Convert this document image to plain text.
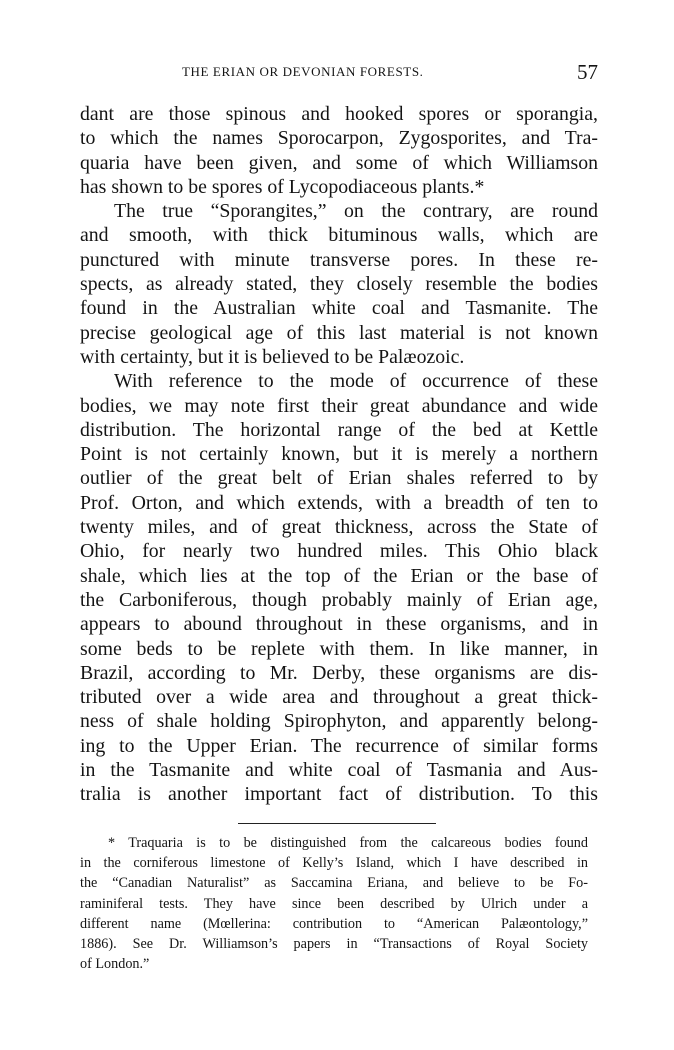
THE ERIAN OR DEVONIAN FORESTS.	57
dant are those spinous and hooked spores or sporangia,
to which the names Sporocarpon, Zygosporites, and Tra-
quaria have been given, and some of which Williamson
has shown to be spores of Lycopodiaceous plants.*
The true “Sporangites,” on the contrary, are round
and smooth, with thick bituminous walls, which are
punctured with minute transverse pores. In these re-
spects, as already stated, they closely resemble the bodies
found in the Australian white coal and Tasmanite. The
precise geological age of this last material is not known
with certainty, but it is believed to be Palæozoic.
With reference to the mode of occurrence of these
bodies, we may note first their great abundance and wide
distribution. The horizontal range of the bed at Kettle
Point is not certainly known, but it is merely a northern
outlier of the great belt of Erian shales referred to by
Prof. Orton, and which extends, with a breadth of ten to
twenty miles, and of great thickness, across the State of
Ohio, for nearly two hundred miles. This Ohio black
shale, which lies at the top of the Erian or the base of
the Carboniferous, though probably mainly of Erian age,
appears to abound throughout in these organisms, and in
some beds to be replete with them. In like manner, in
Brazil, according to Mr. Derby, these organisms are dis-
tributed over a wide area and throughout a great thick-
ness of shale holding Spirophyton, and apparently belong-
ing to the Upper Erian. The recurrence of similar forms
in the Tasmanite and white coal of Tasmania and Aus-
tralia is another important fact of distribution. To this
* Traquaria is to be distinguished from the calcareous bodies found
in the corniferous limestone of Kelly’s Island, which I have described in
the “Canadian Naturalist” as Saccamina Eriana, and believe to be Fo-
raminiferal tests. They have since been described by Ulrich under a
different name (Mœllerina: contribution to “American Palæontology,”
1886). See Dr. Williamson’s papers in “Transactions of Royal Society
of London.”
